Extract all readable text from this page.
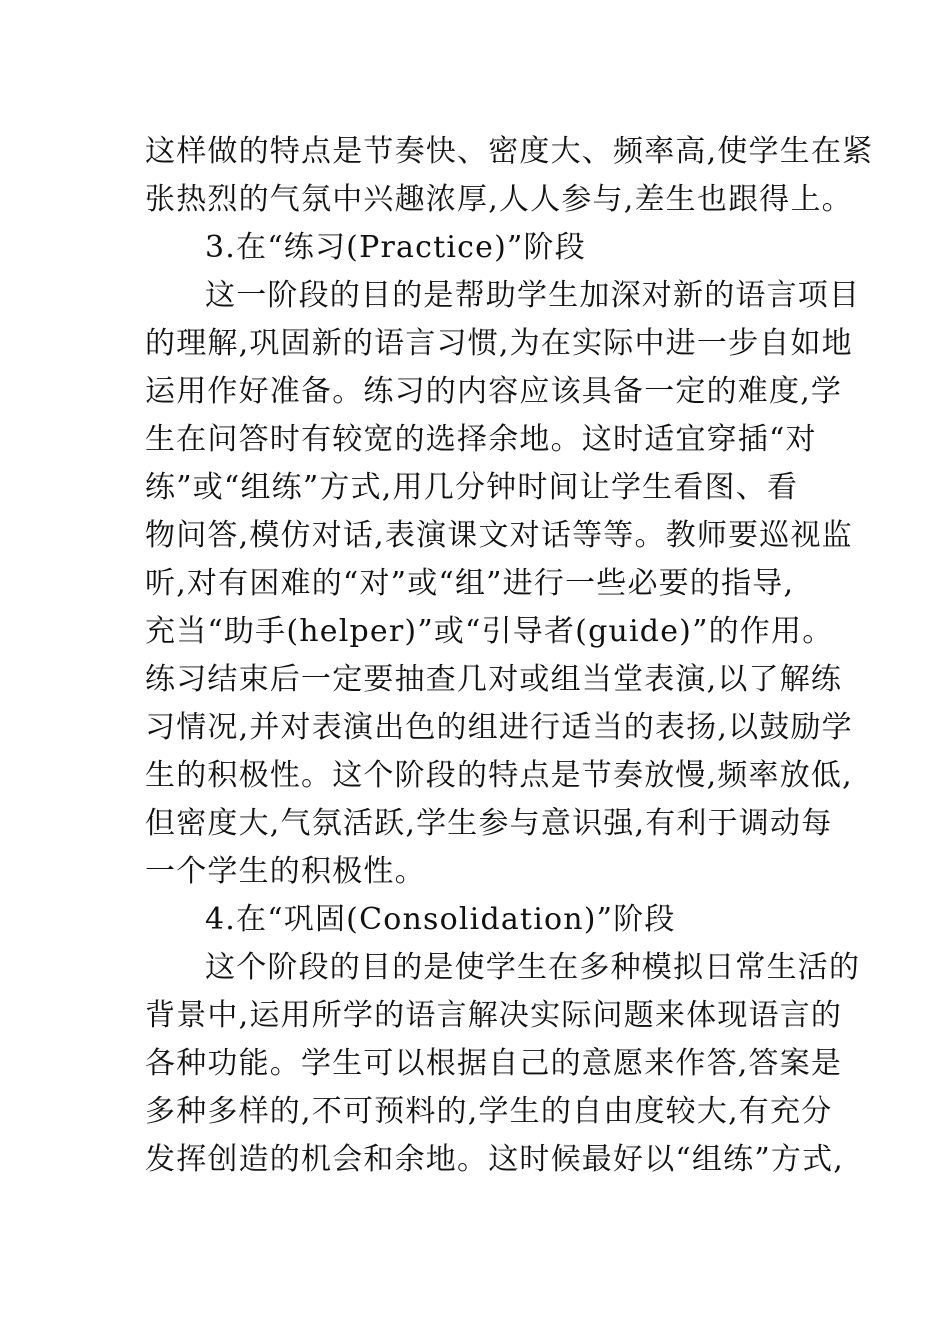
这样做的特点是节奏快、密度大、频率高,使学生在紧
张热烈的气氛中兴趣浓厚,人人参与,差生也跟得上。
3.在“练习(Practice)”阶段
这一阶段的目的是帮助学生加深对新的语言项目
的理解,巩固新的语言习惯,为在实际中进一步自如地
运用作好准备。练习的内容应该具备一定的难度,学
生在问答时有较宽的选择余地。这时适宜穿插“对
练”或“组练”方式,用几分钟时间让学生看图、看
物问答,模仿对话,表演课文对话等等。教师要巡视监
听,对有困难的“对”或“组”进行一些必要的指导,
充当“助手(helper)”或“引导者(guide)”的作用。
练习结束后一定要抽查几对或组当堂表演,以了解练
习情况,并对表演出色的组进行适当的表扬,以鼓励学
生的积极性。这个阶段的特点是节奏放慢,频率放低,
但密度大,气氛活跃,学生参与意识强,有利于调动每
一个学生的积极性。
4.在“巩固(Consolidation)”阶段
这个阶段的目的是使学生在多种模拟日常生活的
背景中,运用所学的语言解决实际问题来体现语言的
各种功能。学生可以根据自己的意愿来作答,答案是
多种多样的,不可预料的,学生的自由度较大,有充分
发挥创造的机会和余地。这时候最好以“组练”方式,
